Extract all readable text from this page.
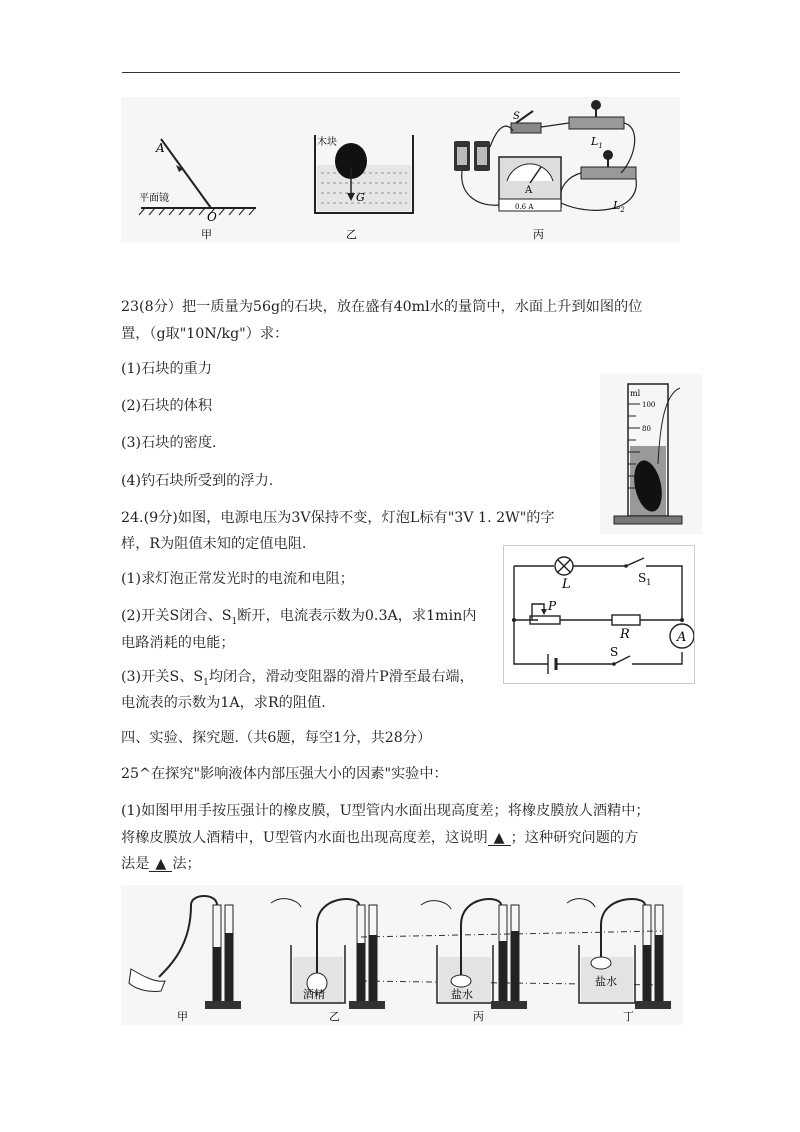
A
平面镜
O
甲
木块
G
乙
S
$L_1$
$L_2$
A
0.6 A
丙
23(8分）把一质量为56g的石块，放在盛有40ml水的量筒中，水面上升到如图的位
置，（g取"10N/kg"）求：
(1)石块的重力
(2)石块的体积
(3)石块的密度.
(4)钓石块所受到的浮力.
ml
100
80
24.(9分)如图，电源电压为3V保持不变，灯泡L标有"3V 1. 2W"的字
样，R为阻值未知的定值电阻.
(1)求灯泡正常发光时的电流和电阻；
(2)开关S闭合、$S_1$断开，电流表示数为0.3A，求1min内
电路消耗的电能；
(3)开关S、$S_1$均闭合，滑动变阻器的滑片P滑至最右端，
电流表的示数为1A，求R的阻值.
L	$S_1$
P
R	A
S
四、实验、探究题.（共6题，每空1分，共28分）
25^在探究"影响液体内部压强大小的因素"实验中：
(1)如图甲用手按压强计的橡皮膜，U型管内水面出现高度差；将橡皮膜放人酒精中；
将橡皮膜放人酒精中，U型管内水面也出现高度差，这说明 ▲ ；这种研究问题的方
法是 ▲ 法；
甲
酒精
乙
盐水
丙
盐水
丁
